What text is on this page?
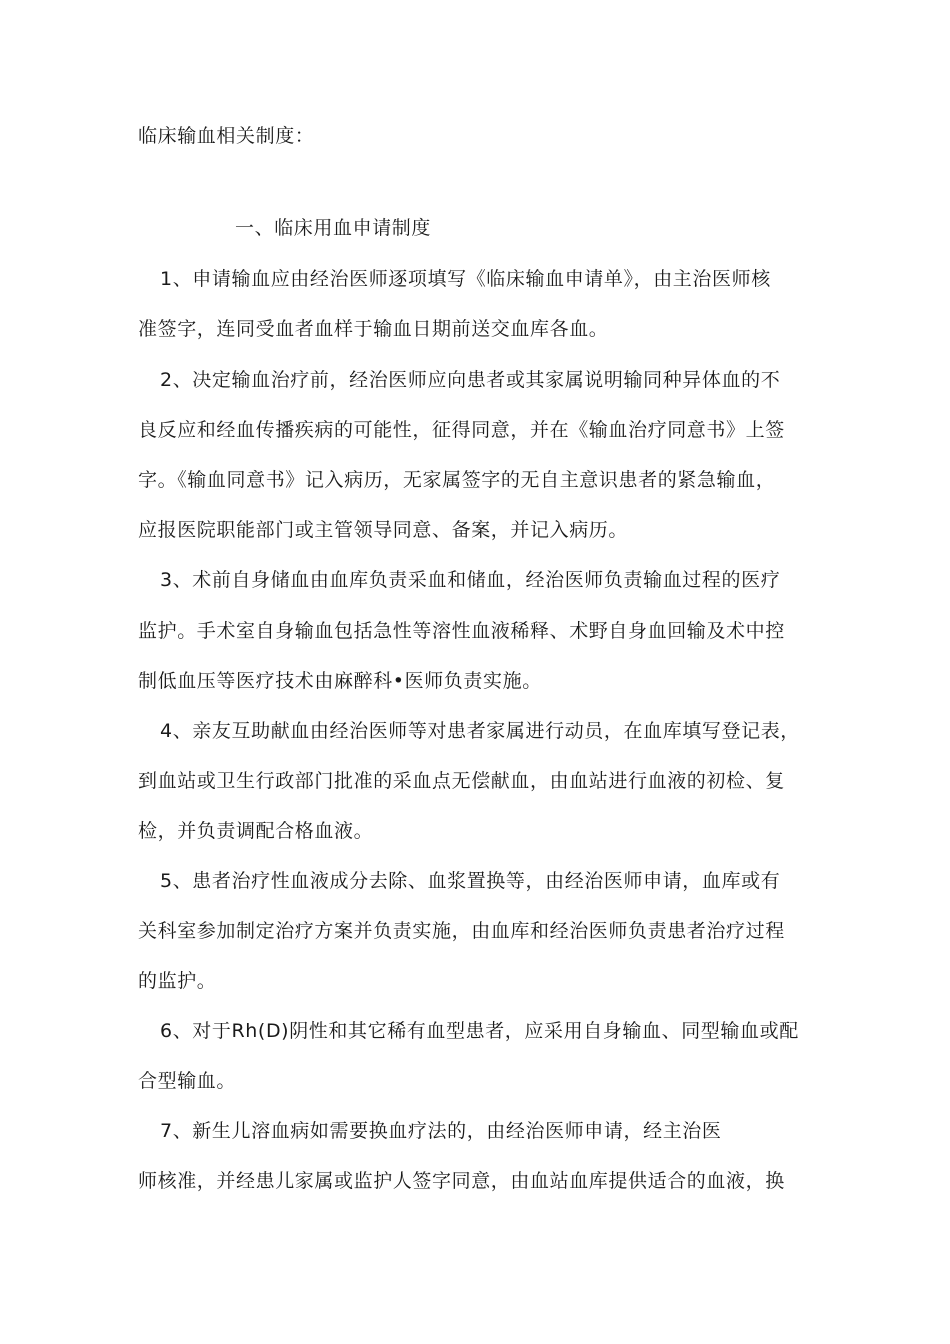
临床输血相关制度：
一、临床用血申请制度
1、申请输血应由经治医师逐项填写《临床输血申请单》，由主治医师核
准签字，连同受血者血样于输血日期前送交血库各血。
2、决定输血治疗前，经治医师应向患者或其家属说明输同种异体血的不
良反应和经血传播疾病的可能性，征得同意，并在《输血治疗同意书》上签
字。《输血同意书》记入病历，无家属签字的无自主意识患者的紧急输血，
应报医院职能部门或主管领导同意、备案，并记入病历。
3、术前自身储血由血库负责采血和储血，经治医师负责输血过程的医疗
监护。手术室自身输血包括急性等溶性血液稀释、术野自身血回输及术中控
制低血压等医疗技术由麻醉科•医师负责实施。
4、亲友互助献血由经治医师等对患者家属进行动员，在血库填写登记表，
到血站或卫生行政部门批准的采血点无偿献血，由血站进行血液的初检、复
检，并负责调配合格血液。
5、患者治疗性血液成分去除、血浆置换等，由经治医师申请，血库或有
关科室参加制定治疗方案并负责实施，由血库和经治医师负责患者治疗过程
的监护。
6、对于Rh(D)阴性和其它稀有血型患者，应采用自身输血、同型输血或配
合型输血。
7、新生儿溶血病如需要换血疗法的，由经治医师申请，经主治医
师核准，并经患儿家属或监护人签字同意，由血站血库提供适合的血液，换
